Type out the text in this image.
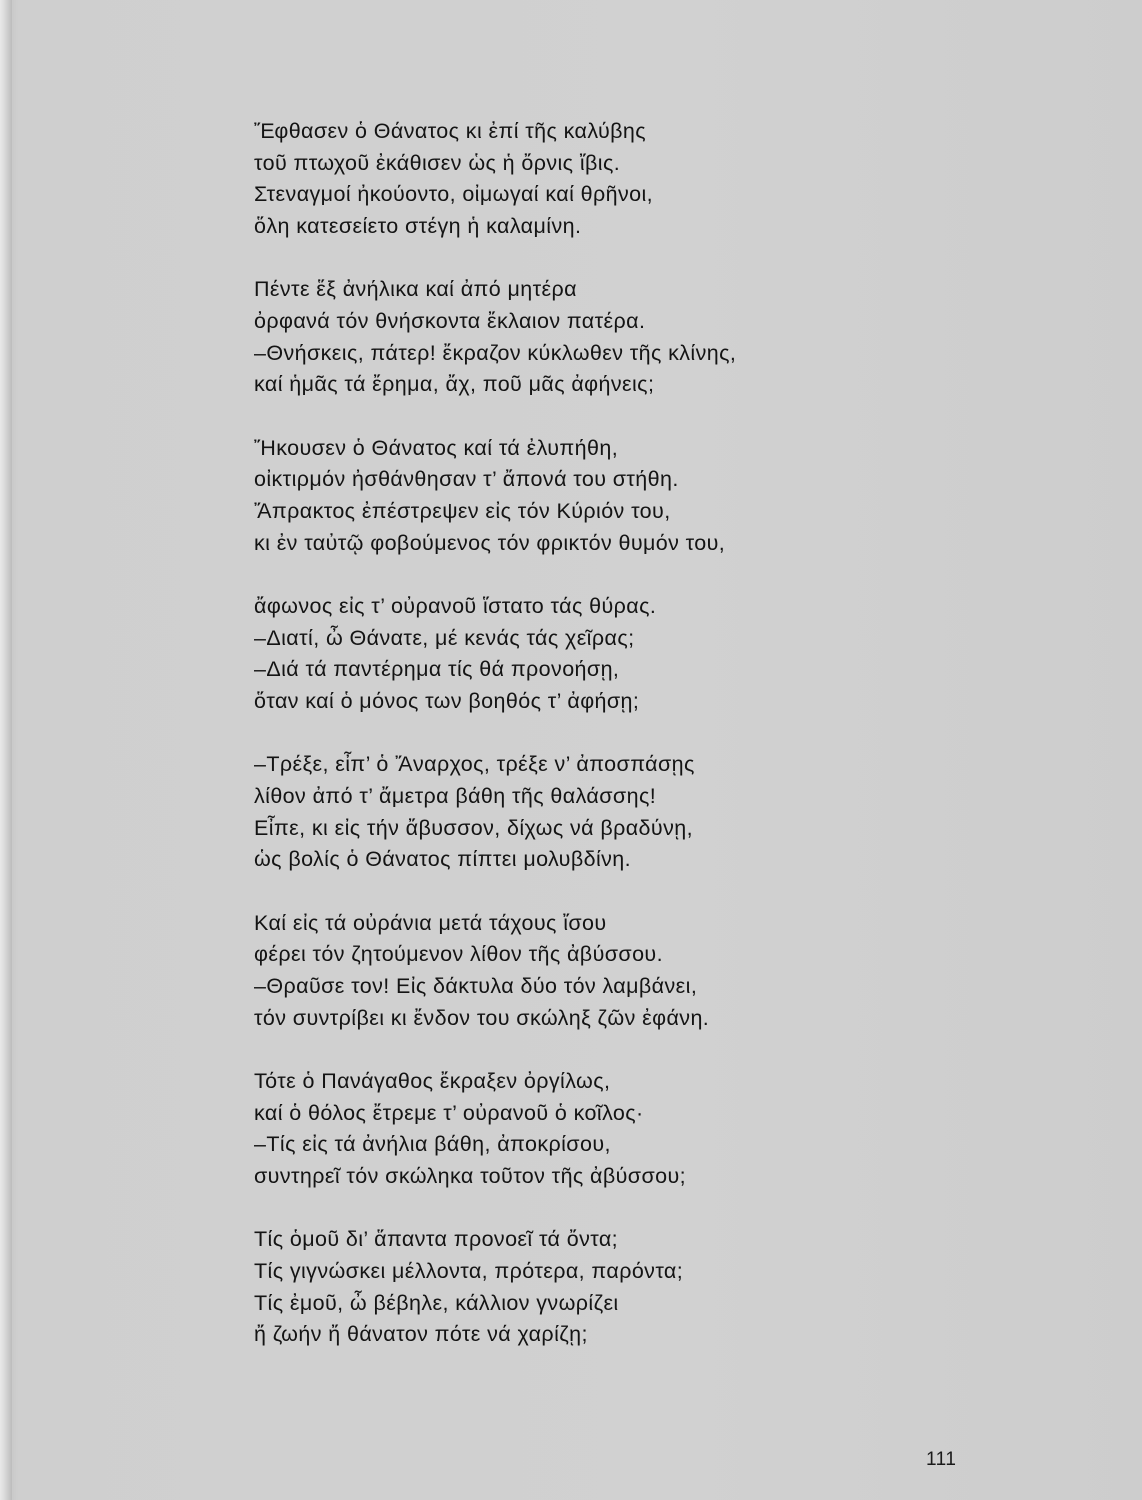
Ἔφθασεν ὁ Θάνατος κι ἐπί τῆς καλύβης
τοῦ πτωχοῦ ἐκάθισεν ὡς ἡ ὄρνις ἴβις.
Στεναγμοί ἠκούοντο, οἰμωγαί καί θρῆνοι,
ὅλη κατεσείετο στέγη ἡ καλαμίνη.
Πέντε ἕξ ἀνήλικα καί ἀπό μητέρα
ὀρφανά τόν θνήσκοντα ἔκλαιον πατέρα.
–Θνήσκεις, πάτερ! ἔκραζον κύκλωθεν τῆς κλίνης,
καί ἡμᾶς τά ἔρημα, ἄχ, ποῦ μᾶς ἀφήνεις;
Ἤκουσεν ὁ Θάνατος καί τά ἐλυπήθη,
οἰκτιρμόν ἠσθάνθησαν τ’ ἄπονά του στήθη.
Ἄπρακτος ἐπέστρεψεν εἰς τόν Κύριόν του,
κι ἐν ταὐτῷ φοβούμενος τόν φρικτόν θυμόν του,
ἄφωνος εἰς τ’ οὐρανοῦ ἵστατο τάς θύρας.
–Διατί, ὦ Θάνατε, μέ κενάς τάς χεῖρας;
–Διά τά παντέρημα τίς θά προνοήσῃ,
ὅταν καί ὁ μόνος των βοηθός τ’ ἀφήσῃ;
–Τρέξε, εἶπ’ ὁ Ἄναρχος, τρέξε ν’ ἀποσπάσῃς
λίθον ἀπό τ’ ἄμετρα βάθη τῆς θαλάσσης!
Εἶπε, κι εἰς τήν ἄβυσσον, δίχως νά βραδύνῃ,
ὡς βολίς ὁ Θάνατος πίπτει μολυβδίνη.
Καί εἰς τά οὐράνια μετά τάχους ἴσου
φέρει τόν ζητούμενον λίθον τῆς ἀβύσσου.
–Θραῦσε τον! Εἰς δάκτυλα δύο τόν λαμβάνει,
τόν συντρίβει κι ἔνδον του σκώληξ ζῶν ἐφάνη.
Τότε ὁ Πανάγαθος ἔκραξεν ὀργίλως,
καί ὁ θόλος ἔτρεμε τ’ οὐρανοῦ ὁ κοῖλος·
–Τίς εἰς τά ἀνήλια βάθη, ἀποκρίσου,
συντηρεῖ τόν σκώληκα τοῦτον τῆς ἀβύσσου;
Τίς ὁμοῦ δι’ ἅπαντα προνοεῖ τά ὄντα;
Τίς γιγνώσκει μέλλοντα, πρότερα, παρόντα;
Τίς ἐμοῦ, ὦ βέβηλε, κάλλιον γνωρίζει
ἤ ζωήν ἤ θάνατον πότε νά χαρίζῃ;
111
